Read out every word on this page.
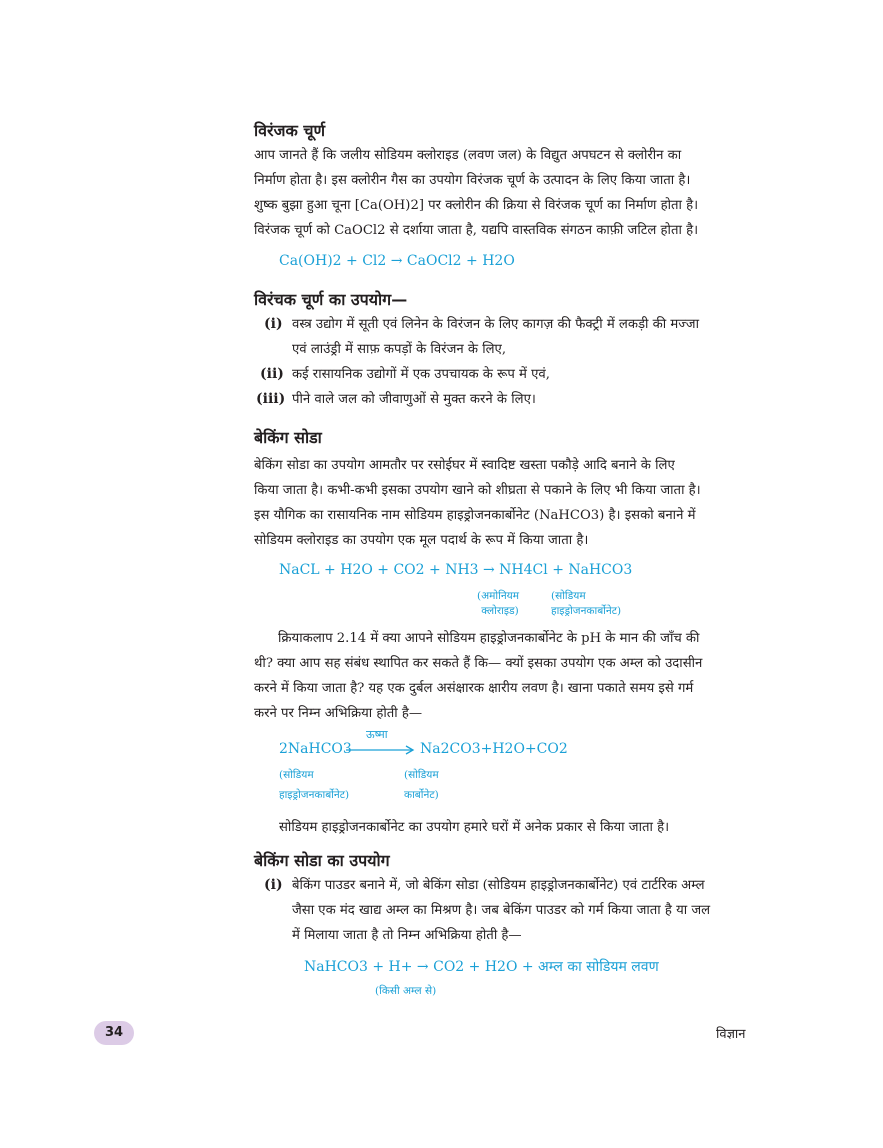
विरंजक चूर्ण
आप जानते हैं कि जलीय सोडियम क्लोराइड (लवण जल) के विद्युत अपघटन से क्लोरीन का
निर्माण होता है। इस क्लोरीन गैस का उपयोग विरंजक चूर्ण के उत्पादन के लिए किया जाता है।
शुष्क बुझा हुआ चूना [Ca(OH)2] पर क्लोरीन की क्रिया से विरंजक चूर्ण का निर्माण होता है।
विरंजक चूर्ण को CaOCl2 से दर्शाया जाता है, यद्यपि वास्तविक संगठन काफ़ी जटिल होता है।
Ca(OH)2 + Cl2 → CaOCl2 + H2O
विरंचक चूर्ण का उपयोग—
(i) वस्त्र उद्योग में सूती एवं लिनेन के विरंजन के लिए कागज़ की फैक्ट्री में लकड़ी की मज्जा
एवं लाउंड्री में साफ़ कपड़ों के विरंजन के लिए,
(ii) कई रासायनिक उद्योगों में एक उपचायक के रूप में एवं,
(iii) पीने वाले जल को जीवाणुओं से मुक्त करने के लिए।
बेकिंग सोडा
बेकिंग सोडा का उपयोग आमतौर पर रसोईघर में स्वादिष्ट खस्ता पकौड़े आदि बनाने के लिए
किया जाता है। कभी-कभी इसका उपयोग खाने को शीघ्रता से पकाने के लिए भी किया जाता है।
इस यौगिक का रासायनिक नाम सोडियम हाइड्रोजनकार्बोनेट (NaHCO3) है। इसको बनाने में
सोडियम क्लोराइड का उपयोग एक मूल पदार्थ के रूप में किया जाता है।
NaCL + H2O + CO2 + NH3 → NH4Cl + NaHCO3
(अमोनियम
क्लोराइड)
(सोडियम
हाइड्रोजनकार्बोनेट)
क्रियाकलाप 2.14 में क्या आपने सोडियम हाइड्रोजनकार्बोनेट के pH के मान की जाँच की
थी? क्या आप सह संबंध स्थापित कर सकते हैं कि— क्यों इसका उपयोग एक अम्ल को उदासीन
करने में किया जाता है? यह एक दुर्बल असंक्षारक क्षारीय लवण है। खाना पकाते समय इसे गर्म
करने पर निम्न अभिक्रिया होती है—
ऊष्मा
2NaHCO3	Na2CO3+H2O+CO2
(सोडियम
हाइड्रोजनकार्बोनेट)
(सोडियम
कार्बोनेट)
सोडियम हाइड्रोजनकार्बोनेट का उपयोग हमारे घरों में अनेक प्रकार से किया जाता है।
बेकिंग सोडा का उपयोग
(i) बेकिंग पाउडर बनाने में, जो बेकिंग सोडा (सोडियम हाइड्रोजनकार्बोनेट) एवं टार्टरिक अम्ल
जैसा एक मंद खाद्य अम्ल का मिश्रण है। जब बेकिंग पाउडर को गर्म किया जाता है या जल
में मिलाया जाता है तो निम्न अभिक्रिया होती है—
NaHCO3 + H+ → CO2 + H2O + अम्ल का सोडियम लवण
(किसी अम्ल से)
34	विज्ञान
